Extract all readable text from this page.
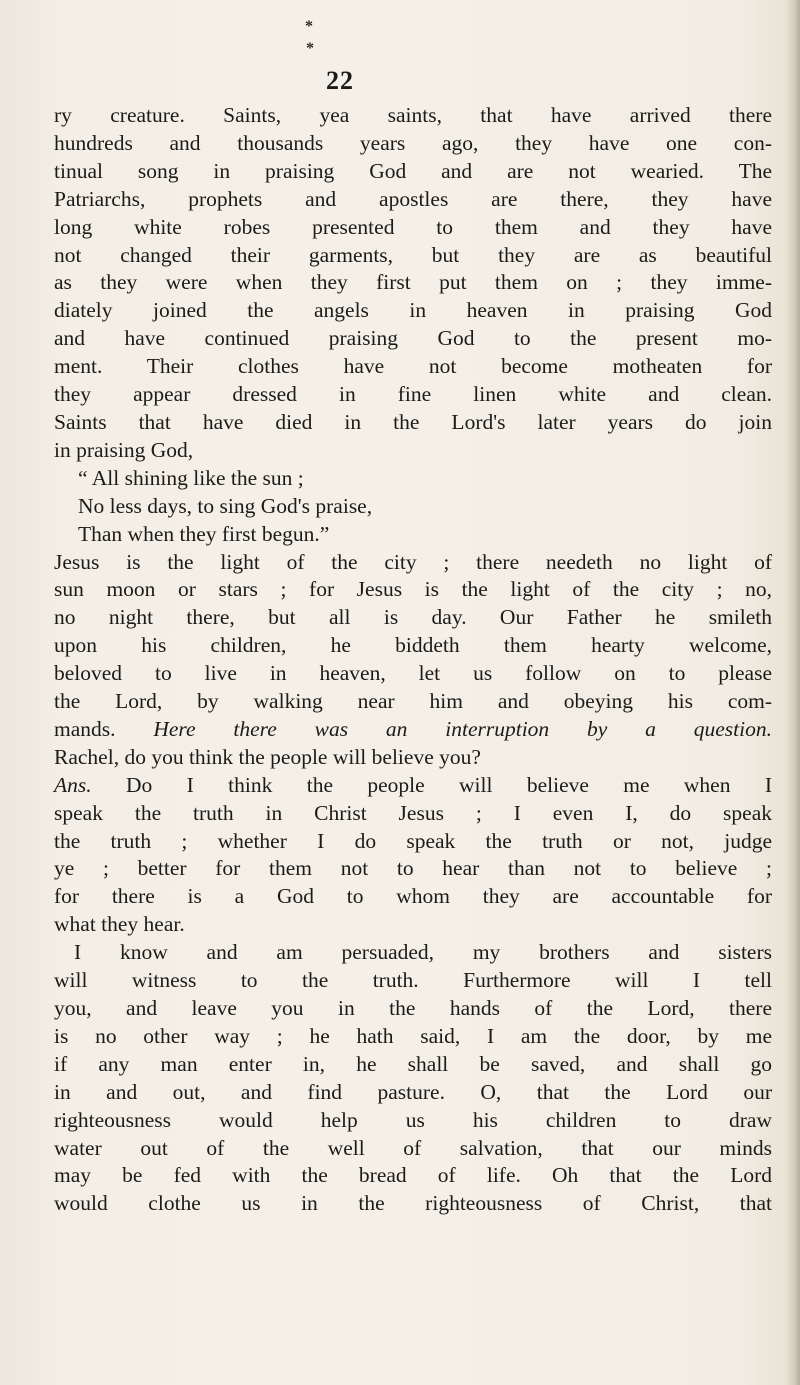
*
*
22
ry creature. Saints, yea saints, that have arrived there
hundreds and thousands years ago, they have one con-
tinual song in praising God and are not wearied. The
Patriarchs, prophets and apostles are there, they have
long white robes presented to them and they have
not changed their garments, but they are as beautiful
as they were when they first put them on ; they imme-
diately joined the angels in heaven in praising God
and have continued praising God to the present mo-
ment. Their clothes have not become motheaten for
they appear dressed in fine linen white and clean.
Saints that have died in the Lord's later years do join
in praising God,
“ All shining like the sun ;
No less days, to sing God's praise,
Than when they first begun.”
Jesus is the light of the city ; there needeth no light of
sun moon or stars ; for Jesus is the light of the city ; no,
no night there, but all is day. Our Father he smileth
upon his children, he biddeth them hearty welcome,
beloved to live in heaven, let us follow on to please
the Lord, by walking near him and obeying his com-
mands. Here there was an interruption by a question.
Rachel, do you think the people will believe you?
Ans. Do I think the people will believe me when I
speak the truth in Christ Jesus ; I even I, do speak
the truth ; whether I do speak the truth or not, judge
ye ; better for them not to hear than not to believe ;
for there is a God to whom they are accountable for
what they hear.
I know and am persuaded, my brothers and sisters
will witness to the truth. Furthermore will I tell
you, and leave you in the hands of the Lord, there
is no other way ; he hath said, I am the door, by me
if any man enter in, he shall be saved, and shall go
in and out, and find pasture. O, that the Lord our
righteousness would help us his children to draw
water out of the well of salvation, that our minds
may be fed with the bread of life. Oh that the Lord
would clothe us in the righteousness of Christ, that
